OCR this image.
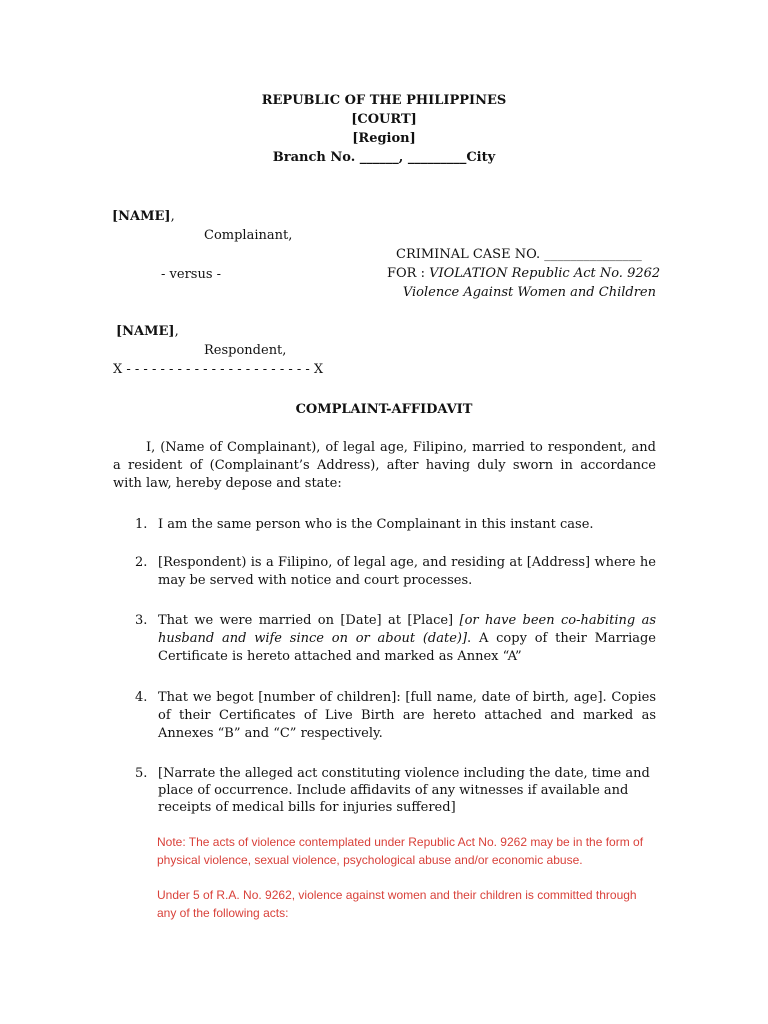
REPUBLIC OF THE PHILIPPINES
[COURT]
[Region]
Branch No. ______, _________City
[NAME],
Complainant,
- versus -
[NAME],
Respondent,
X - - - - - - - - - - - - - - - - - - - - - - X
CRIMINAL CASE NO. _______________
FOR : VIOLATION Republic Act No. 9262
Violence Against Women and Children
COMPLAINT-AFFIDAVIT
I, (Name of Complainant), of legal age, Filipino, married to respondent, and a resident of (Complainant’s Address), after having duly sworn in accordance with law, hereby depose and state:
1. I am the same person who is the Complainant in this instant case.
2. [Respondent) is a Filipino, of legal age, and residing at [Address] where he may be served with notice and court processes.
3. That we were married on [Date] at [Place] [or have been co-habiting as husband and wife since on or about (date)]. A copy of their Marriage Certificate is hereto attached and marked as Annex “A”
4. That we begot [number of children]: [full name, date of birth, age]. Copies of their Certificates of Live Birth are hereto attached and marked as Annexes “B” and “C” respectively.
5. [Narrate the alleged act constituting violence including the date, time and place of occurrence. Include affidavits of any witnesses if available and receipts of medical bills for injuries suffered]
Note: The acts of violence contemplated under Republic Act No. 9262 may be in the form of physical violence, sexual violence, psychological abuse and/or economic abuse.
Under 5 of R.A. No. 9262, violence against women and their children is committed through any of the following acts:
